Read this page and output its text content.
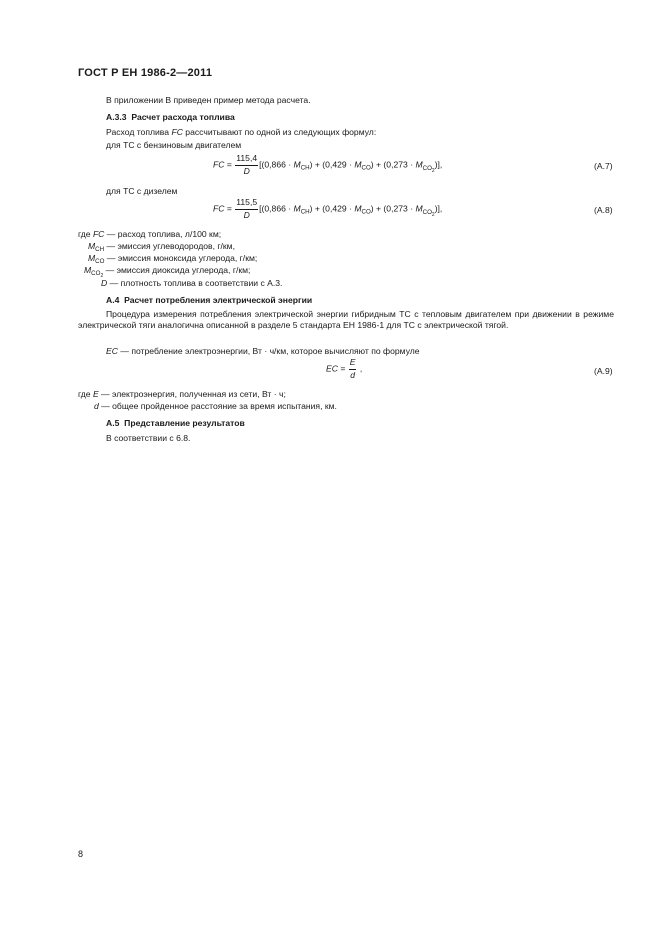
ГОСТ Р ЕН 1986-2—2011
В приложении В приведен пример метода расчета.
А.3.3 Расчет расхода топлива
Расход топлива FC рассчитывают по одной из следующих формул:
для ТС с бензиновым двигателем
FC = $\frac{115,4}{D} [(0,866 \cdot M_{CH}) + (0,429 \cdot M_{CO}) + (0,273 \cdot M_{CO_2})]$,	(А.7)
для ТС с дизелем
FC = $\frac{115,5}{D} [(0,866 \cdot M_{CH}) + (0,429 \cdot M_{CO}) + (0,273 \cdot M_{CO_2})]$,	(А.8)
где FC — расход топлива, л/100 км;
$M_{CH}$ — эмиссия углеводородов, г/км,
$M_{CO}$ — эмиссия моноксида углерода, г/км;
$M_{CO_2}$ — эмиссия диоксида углерода, г/км;
D — плотность топлива в соответствии с А.3.
А.4 Расчет потребления электрической энергии
Процедура измерения потребления электрической энергии гибридным ТС с тепловым двигателем при движении в режиме электрической тяги аналогична описанной в разделе 5 стандарта ЕН 1986-1 для ТС с электрической тягой.
EC — потребление электроэнергии, Вт · ч/км, которое вычисляют по формуле
EC = $\frac{E}{d}$ ,	(А.9)
где E — электроэнергия, полученная из сети, Вт · ч;
d — общее пройденное расстояние за время испытания, км.
А.5 Представление результатов
В соответствии с 6.8.
8
